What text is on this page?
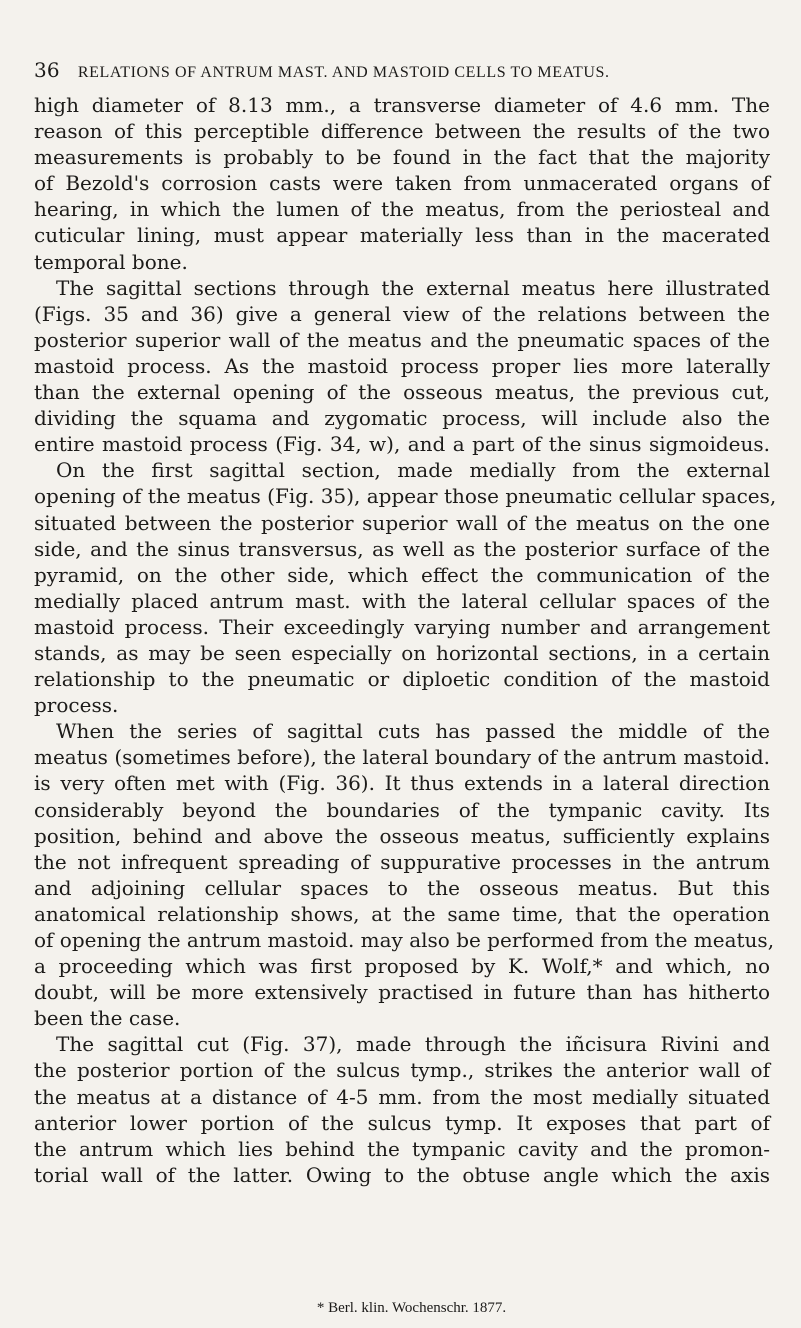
36 RELATIONS OF ANTRUM MAST. AND MASTOID CELLS TO MEATUS.
high diameter of 8.13 mm., a transverse diameter of 4.6 mm. The
reason of this perceptible difference between the results of the two
measurements is probably to be found in the fact that the majority
of Bezold's corrosion casts were taken from unmacerated organs of
hearing, in which the lumen of the meatus, from the periosteal and
cuticular lining, must appear materially less than in the macerated
temporal bone.
The sagittal sections through the external meatus here illustrated
(Figs. 35 and 36) give a general view of the relations between the
posterior superior wall of the meatus and the pneumatic spaces of the
mastoid process. As the mastoid process proper lies more laterally
than the external opening of the osseous meatus, the previous cut,
dividing the squama and zygomatic process, will include also the
entire mastoid process (Fig. 34, w), and a part of the sinus sigmoideus.
On the first sagittal section, made medially from the external
opening of the meatus (Fig. 35), appear those pneumatic cellular spaces,
situated between the posterior superior wall of the meatus on the one
side, and the sinus transversus, as well as the posterior surface of the
pyramid, on the other side, which effect the communication of the
medially placed antrum mast. with the lateral cellular spaces of the
mastoid process. Their exceedingly varying number and arrangement
stands, as may be seen especially on horizontal sections, in a certain
relationship to the pneumatic or diploetic condition of the mastoid
process.
When the series of sagittal cuts has passed the middle of the
meatus (sometimes before), the lateral boundary of the antrum mastoid.
is very often met with (Fig. 36). It thus extends in a lateral direction
considerably beyond the boundaries of the tympanic cavity. Its
position, behind and above the osseous meatus, sufficiently explains
the not infrequent spreading of suppurative processes in the antrum
and adjoining cellular spaces to the osseous meatus. But this
anatomical relationship shows, at the same time, that the operation
of opening the antrum mastoid. may also be performed from the meatus,
a proceeding which was first proposed by K. Wolf,* and which, no
doubt, will be more extensively practised in future than has hitherto
been the case.
The sagittal cut (Fig. 37), made through the iñcisura Rivini and
the posterior portion of the sulcus tymp., strikes the anterior wall of
the meatus at a distance of 4-5 mm. from the most medially situated
anterior lower portion of the sulcus tymp. It exposes that part of
the antrum which lies behind the tympanic cavity and the promon-
torial wall of the latter. Owing to the obtuse angle which the axis
* Berl. klin. Wochenschr. 1877.
